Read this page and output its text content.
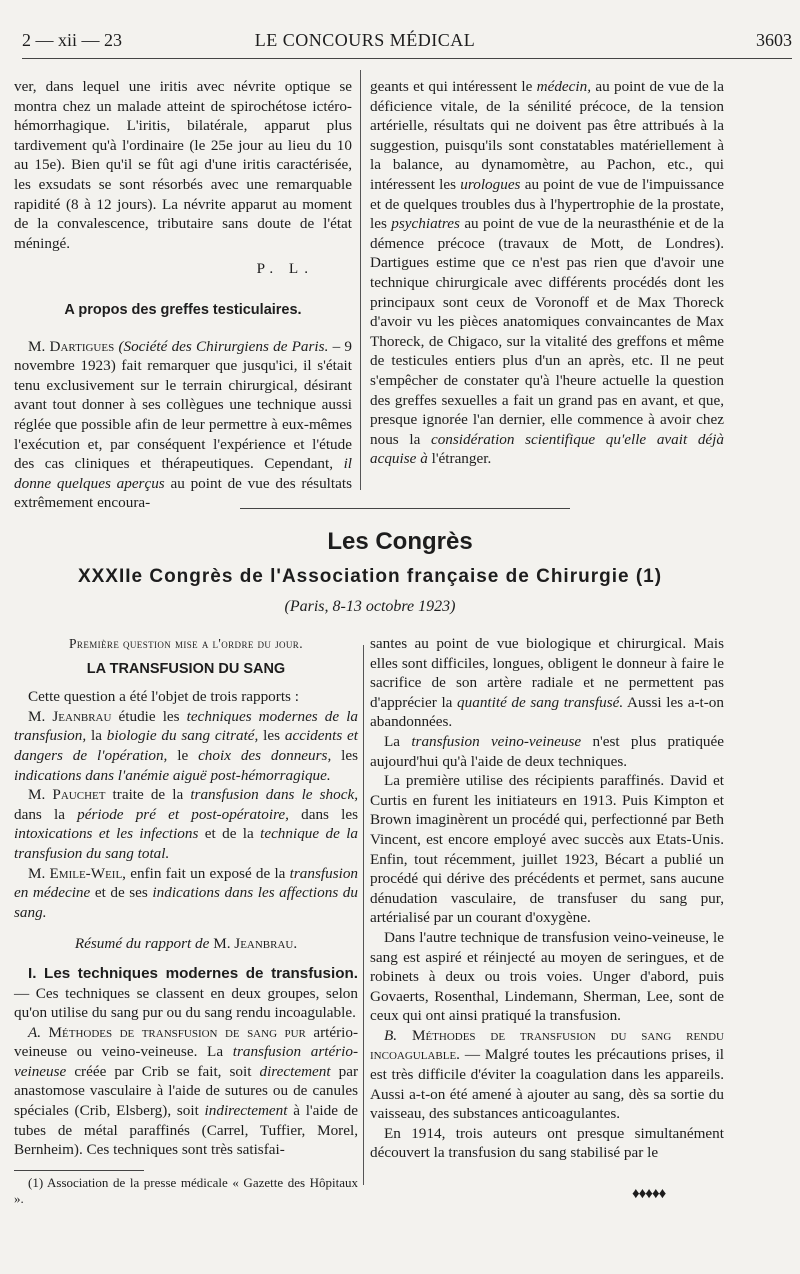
2 — xii — 23	LE CONCOURS MÉDICAL	3603

ver, dans lequel une iritis avec névrite optique se montra chez un malade atteint de spirochétose ictéro-hémorrhagique. L'iritis, bilatérale, apparut plus tardivement qu'à l'ordinaire (le 25e jour au lieu du 10 au 15e). Bien qu'il se fût agi d'une iritis caractérisée, les exsudats se sont résorbés avec une remarquable rapidité (8 à 12 jours). La névrite apparut au moment de la convalescence, tributaire sans doute de l'état méningé.

P. L.

A propos des greffes testiculaires.

M. Dartigues (Société des Chirurgiens de Paris. – 9 novembre 1923) fait remarquer que jusqu'ici, il s'était tenu exclusivement sur le terrain chirurgical, désirant avant tout donner à ses collègues une technique aussi réglée que possible afin de leur permettre à eux-mêmes l'exécution et, par conséquent l'expérience et l'étude des cas cliniques et thérapeutiques. Cependant, il donne quelques aperçus au point de vue des résultats extrêmement encoura-

geants et qui intéressent le médecin, au point de vue de la déficience vitale, de la sénilité précoce, de la tension artérielle, résultats qui ne doivent pas être attribués à la suggestion, puisqu'ils sont constatables matériellement à la balance, au dynamomètre, au Pachon, etc., qui intéressent les urologues au point de vue de l'impuissance et de quelques troubles dus à l'hypertrophie de la prostate, les psychiatres au point de vue de la neurasthénie et de la démence précoce (travaux de Mott, de Londres). Dartigues estime que ce n'est pas rien que d'avoir une technique chirurgicale avec différents procédés dont les principaux sont ceux de Voronoff et de Max Thoreck d'avoir vu les pièces anatomiques convaincantes de Max Thoreck, de Chigaco, sur la vitalité des greffons et même de testicules entiers plus d'un an après, etc. Il ne peut s'empêcher de constater qu'à l'heure actuelle la question des greffes sexuelles a fait un grand pas en avant, et que, presque ignorée l'an dernier, elle commence à avoir chez nous la considération scientifique qu'elle avait déjà acquise à l'étranger.

Les Congrès
XXXIIe Congrès de l'Association française de Chirurgie (1)
(Paris, 8-13 octobre 1923)

Première question mise a l'ordre du jour.

LA TRANSFUSION DU SANG

Cette question a été l'objet de trois rapports :

M. Jeanbrau étudie les techniques modernes de la transfusion, la biologie du sang citraté, les accidents et dangers de l'opération, le choix des donneurs, les indications dans l'anémie aiguë post-hémorragique.

M. Pauchet traite de la transfusion dans le shock, dans la période pré et post-opératoire, dans les intoxications et les infections et de la technique de la transfusion du sang total.

M. Emile-Weil, enfin fait un exposé de la transfusion en médecine et de ses indications dans les affections du sang.

Résumé du rapport de M. Jeanbrau.

I. Les techniques modernes de transfusion. — Ces techniques se classent en deux groupes, selon qu'on utilise du sang pur ou du sang rendu incoagulable.

A. Méthodes de transfusion de sang pur artério-veineuse ou veino-veineuse. La transfusion artério-veineuse créée par Crib se fait, soit directement par anastomose vasculaire à l'aide de sutures ou de canules spéciales (Crib, Elsberg), soit indirectement à l'aide de tubes de métal paraffinés (Carrel, Tuffier, Morel, Bernheim). Ces techniques sont très satisfai-

(1) Association de la presse médicale « Gazette des Hôpitaux ».

santes au point de vue biologique et chirurgical. Mais elles sont difficiles, longues, obligent le donneur à faire le sacrifice de son artère radiale et ne permettent pas d'apprécier la quantité de sang transfusé. Aussi les a-t-on abandonnées.

La transfusion veino-veineuse n'est plus pratiquée aujourd'hui qu'à l'aide de deux techniques.

La première utilise des récipients paraffinés. David et Curtis en furent les initiateurs en 1913. Puis Kimpton et Brown imaginèrent un procédé qui, perfectionné par Beth Vincent, est encore employé avec succès aux Etats-Unis. Enfin, tout récemment, juillet 1923, Bécart a publié un procédé qui dérive des précédents et permet, sans aucune dénudation vasculaire, de transfuser du sang pur, artérialisé par un courant d'oxygène.

Dans l'autre technique de transfusion veino-veineuse, le sang est aspiré et réinjecté au moyen de seringues, et de robinets à deux ou trois voies. Unger d'abord, puis Govaerts, Rosenthal, Lindemann, Sherman, Lee, sont de ceux qui ont ainsi pratiqué la transfusion.

B. Méthodes de transfusion du sang rendu incoagulable. — Malgré toutes les précautions prises, il est très difficile d'éviter la coagulation dans les appareils. Aussi a-t-on été amené à ajouter au sang, dès sa sortie du vaisseau, des substances anticoagulantes.

En 1914, trois auteurs ont presque simultanément découvert la transfusion du sang stabilisé par le

♦♦♦♦♦
